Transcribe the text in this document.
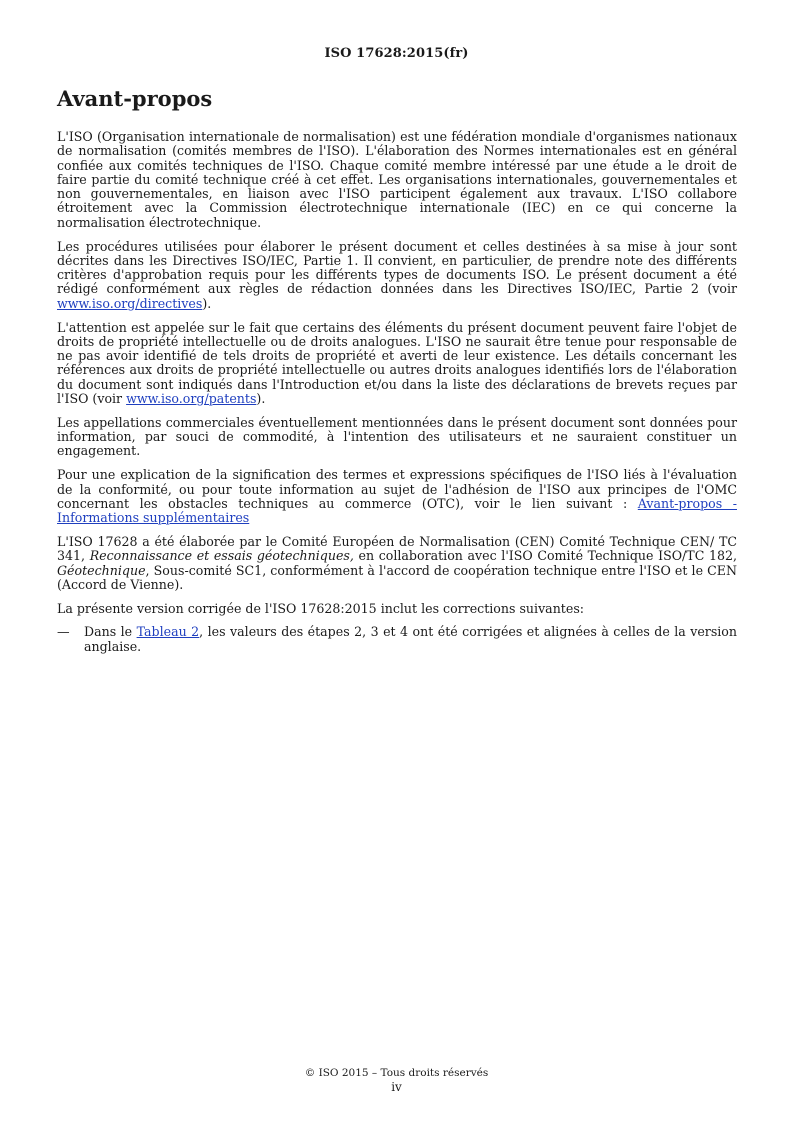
ISO 17628:2015(fr)
Avant-propos

L'ISO (Organisation internationale de normalisation) est une fédération mondiale d'organismes nationaux de normalisation (comités membres de l'ISO). L'élaboration des Normes internationales est en général confiée aux comités techniques de l'ISO. Chaque comité membre intéressé par une étude a le droit de faire partie du comité technique créé à cet effet. Les organisations internationales, gouvernementales et non gouvernementales, en liaison avec l'ISO participent également aux travaux. L'ISO collabore étroitement avec la Commission électrotechnique internationale (IEC) en ce qui concerne la normalisation électrotechnique.

Les procédures utilisées pour élaborer le présent document et celles destinées à sa mise à jour sont décrites dans les Directives ISO/IEC, Partie 1. Il convient, en particulier, de prendre note des différents critères d'approbation requis pour les différents types de documents ISO. Le présent document a été rédigé conformément aux règles de rédaction données dans les Directives ISO/IEC, Partie 2 (voir www.iso.org/directives).

L'attention est appelée sur le fait que certains des éléments du présent document peuvent faire l'objet de droits de propriété intellectuelle ou de droits analogues. L'ISO ne saurait être tenue pour responsable de ne pas avoir identifié de tels droits de propriété et averti de leur existence. Les détails concernant les références aux droits de propriété intellectuelle ou autres droits analogues identifiés lors de l'élaboration du document sont indiqués dans l'Introduction et/ou dans la liste des déclarations de brevets reçues par l'ISO (voir www.iso.org/patents).

Les appellations commerciales éventuellement mentionnées dans le présent document sont données pour information, par souci de commodité, à l'intention des utilisateurs et ne sauraient constituer un engagement.

Pour une explication de la signification des termes et expressions spécifiques de l'ISO liés à l'évaluation de la conformité, ou pour toute information au sujet de l'adhésion de l'ISO aux principes de l'OMC concernant les obstacles techniques au commerce (OTC), voir le lien suivant : Avant-propos - Informations supplémentaires

L'ISO 17628 a été élaborée par le Comité Européen de Normalisation (CEN) Comité Technique CEN/ TC 341, Reconnaissance et essais géotechniques, en collaboration avec l'ISO Comité Technique ISO/TC 182, Géotechnique, Sous-comité SC1, conformément à l'accord de coopération technique entre l'ISO et le CEN (Accord de Vienne).

La présente version corrigée de l'ISO 17628:2015 inclut les corrections suivantes:

—	Dans le Tableau 2, les valeurs des étapes 2, 3 et 4 ont été corrigées et alignées à celles de la version anglaise.
© ISO 2015 – Tous droits réservés
iv
